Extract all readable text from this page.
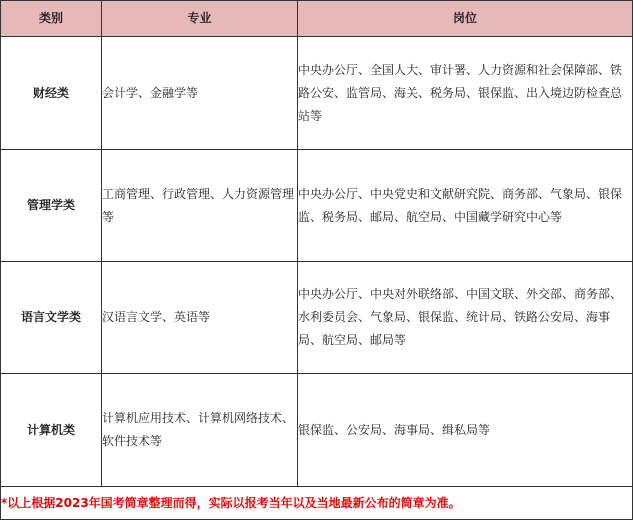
类别	专业	岗位
财经类	会计学、金融学等	中央办公厅、全国人大、审计署、人力资源和社会保障部、铁路公安、监管局、海关、税务局、银保监、出入境边防检查总站等
管理学类	工商管理、行政管理、人力资源管理等	中央办公厅、中央党史和文献研究院、商务部、气象局、银保监、税务局、邮局、航空局、中国藏学研究中心等
语言文学类	汉语言文学、英语等	中央办公厅、中央对外联络部、中国文联、外交部、商务部、水利委员会、气象局、银保监、统计局、铁路公安局、海事局、航空局、邮局等
计算机类	计算机应用技术、计算机网络技术、软件技术等	银保监、公安局、海事局、缉私局等
*以上根据2023年国考简章整理而得，实际以报考当年以及当地最新公布的简章为准。		
